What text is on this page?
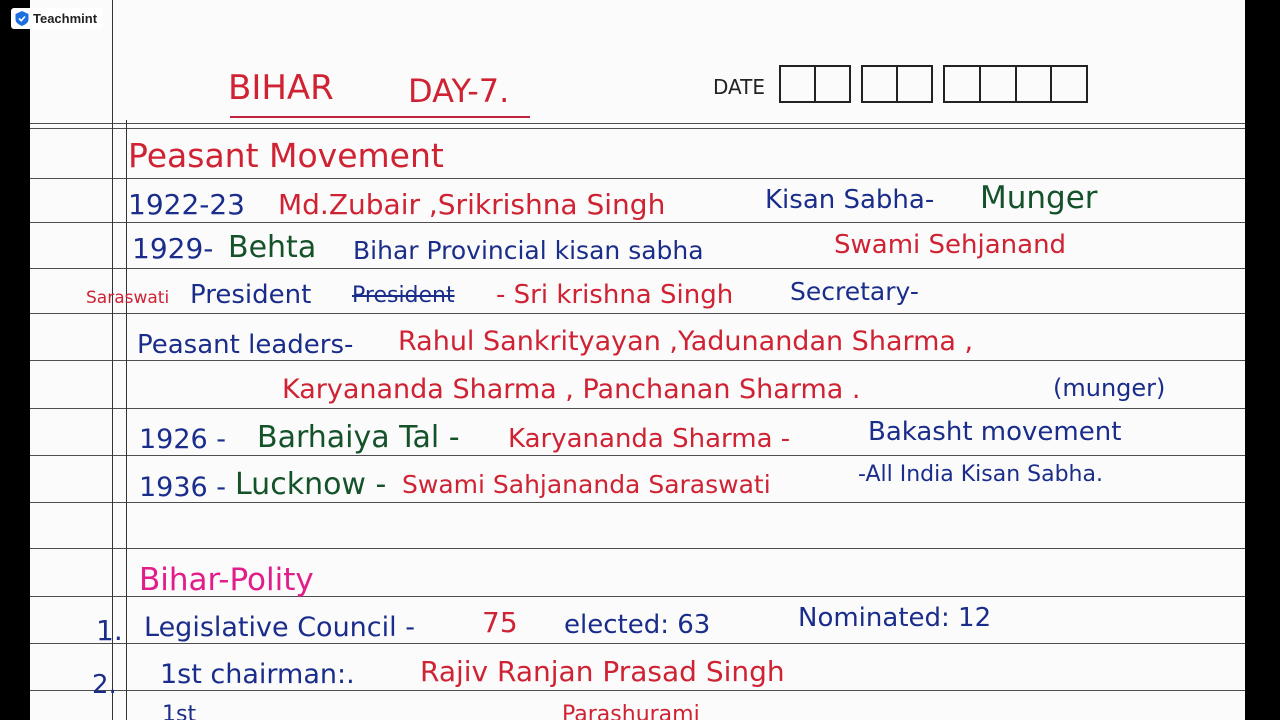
BIHAR DAY-7.	DATE
Peasant Movement
1922-23 Md.Zubair ,Srikrishna Singh	Kisan Sabha- Munger
1929- Behta Bihar Provincial kisan sabha	Swami Sehjanand
Saraswati President President - Sri krishna Singh Secretary-
Peasant leaders- Rahul Sankrityayan ,Yadunandan Sharma ,
Karyananda Sharma , Panchanan Sharma .	(munger)
1926 - Barhaiya Tal - Karyananda Sharma -	Bakasht movement
1936 - Lucknow - Swami Sahjananda Saraswati	-All India Kisan Sabha.
Bihar-Polity
1. Legislative Council - 75 elected: 63	Nominated: 12
2. 1st chairman:. Rajiv Ranjan Prasad Singh
1st	Parashurami
Teachmint
